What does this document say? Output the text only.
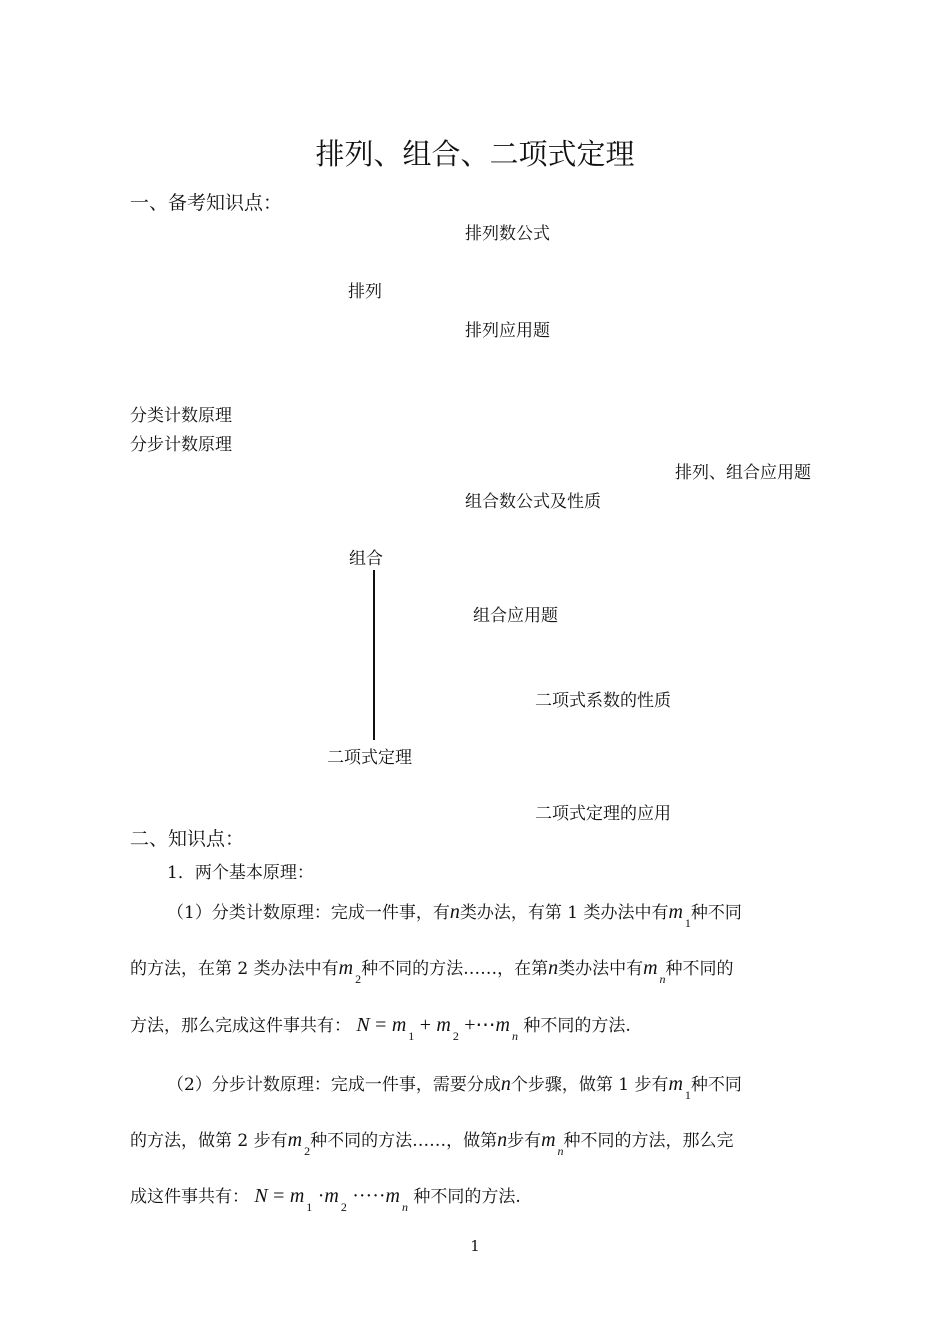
排列、组合、二项式定理
一、备考知识点：
排列数公式
排列
排列应用题
分类计数原理
分步计数原理
排列、组合应用题
组合数公式及性质
组合
组合应用题
二项式系数的性质
二项式定理
二项式定理的应用
二、知识点：
1．两个基本原理：
（1）分类计数原理：完成一件事，有n类办法，有第 1 类办法中有m $_1$种不同
的方法，在第 2 类办法中有m $_2$种不同的方法……，在第n类办法中有m $_n$种不同的
方法，那么完成这件事共有： N = m $_1$ + m $_2$ +⋯m $_n$ 种不同的方法.
（2）分步计数原理：完成一件事，需要分成n个步骤，做第 1 步有m $_1$种不同
的方法，做第 2 步有m $_2$种不同的方法……，做第n步有m $_n$种不同的方法，那么完
成这件事共有： N = m $_1$ ·m $_2$ ·····m $_n$ 种不同的方法.
1
